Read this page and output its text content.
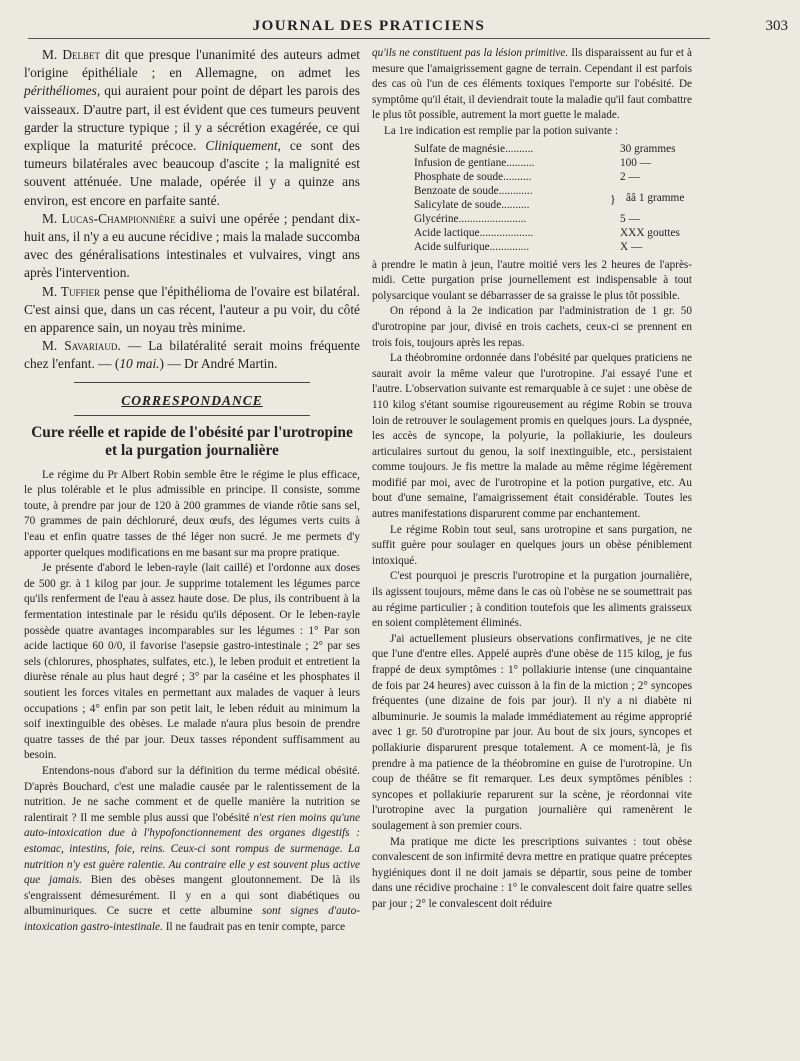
JOURNAL DES PRATICIENS	303

M. Delbet dit que presque l'unanimité des auteurs admet l'origine épithéliale ; en Allemagne, on admet les périthéliomes, qui auraient pour point de départ les parois des vaisseaux. D'autre part, il est évident que ces tumeurs peuvent garder la structure typique ; il y a sécrétion exagérée, ce qui explique la maturité précoce. Cliniquement, ce sont des tumeurs bilatérales avec beaucoup d'ascite ; la malignité est souvent atténuée. Une malade, opérée il y a quinze ans environ, est encore en parfaite santé.

M. Lucas-Championnière a suivi une opérée ; pendant dix-huit ans, il n'y a eu aucune récidive ; mais la malade succomba avec des généralisations intestinales et vulvaires, vingt ans après l'intervention.

M. Tuffier pense que l'épithélioma de l'ovaire est bilatéral. C'est ainsi que, dans un cas récent, l'auteur a pu voir, du côté en apparence sain, un noyau très minime.

M. Savariaud. — La bilatéralité serait moins fréquente chez l'enfant. — (10 mai.) — Dr André Martin.

CORRESPONDANCE
Cure réelle et rapide de l'obésité par l'urotropine et la purgation journalière

Le régime du Pr Albert Robin semble être le régime le plus efficace, le plus tolérable et le plus admissible en principe. Il consiste, somme toute, à prendre par jour de 120 à 200 grammes de viande rôtie sans sel, 70 grammes de pain déchloruré, deux œufs, des légumes verts cuits à l'eau et enfin quatre tasses de thé léger non sucré. Je me permets d'y apporter quelques modifications en me basant sur ma propre pratique.

Je présente d'abord le leben-rayle (lait caillé) et l'ordonne aux doses de 500 gr. à 1 kilog par jour. Je supprime totalement les légumes parce qu'ils renferment de l'eau à assez haute dose. De plus, ils contribuent à la fermentation intestinale par le résidu qu'ils déposent. Or le leben-rayle possède quatre avantages incomparables sur les légumes : 1° Par son acide lactique 60 0/0, il favorise l'asepsie gastro-intestinale ; 2° par ses sels (chlorures, phosphates, sulfates, etc.), le leben produit et entretient la diurèse rénale au plus haut degré ; 3° par la caséine et les phosphates il soutient les forces vitales en permettant aux malades de vaquer à leurs occupations ; 4° enfin par son petit lait, le leben réduit au minimum la soif inextinguible des obèses. Le malade n'aura plus besoin de prendre quatre tasses de thé par jour. Deux tasses répondent suffisamment au besoin.

Entendons-nous d'abord sur la définition du terme médical obésité. D'après Bouchard, c'est une maladie causée par le ralentissement de la nutrition. Je ne sache comment et de quelle manière la nutrition se ralentirait ? Il me semble plus aussi que l'obésité n'est rien moins qu'une auto-intoxication due à l'hypofonctionnement des organes digestifs : estomac, intestins, foie, reins. Ceux-ci sont rompus de surmenage. La nutrition n'y est guère ralentie. Au contraire elle y est souvent plus active que jamais. Bien des obèses mangent gloutonnement. De là ils s'engraissent démesurément. Il y en a qui sont diabétiques ou albuminuriques. Ce sucre et cette albumine sont signes d'auto-intoxication gastro-intestinale. Il ne faudrait pas en tenir compte, parce

qu'ils ne constituent pas la lésion primitive. Ils disparaissent au fur et à mesure que l'amaigrissement gagne de terrain. Cependant il est parfois des cas où l'un de ces éléments toxiques l'emporte sur l'obésité. De symptôme qu'il était, il deviendrait toute la maladie qu'il faut combattre le plus tôt possible, autrement la mort guette le malade.

La 1re indication est remplie par la potion suivante :

Sulfate de magnésie..........	30 grammes
Infusion de gentiane..........	100 —
Phosphate de soude..........	2 —
Benzoate de soude............
Salicylate de soude..........	} ââ 1 gramme
Glycérine........................	5 —
Acide lactique...................	XXX gouttes
Acide sulfurique..............	X —

à prendre le matin à jeun, l'autre moitié vers les 2 heures de l'après-midi. Cette purgation prise journellement est indispensable à tout polysarcique voulant se débarrasser de sa graisse le plus tôt possible.

On répond à la 2e indication par l'administration de 1 gr. 50 d'urotropine par jour, divisé en trois cachets, ceux-ci se prennent en trois fois, toujours après les repas.

La théobromine ordonnée dans l'obésité par quelques praticiens ne saurait avoir la même valeur que l'urotropine. J'ai essayé l'une et l'autre. L'observation suivante est remarquable à ce sujet : une obèse de 110 kilog s'étant soumise rigoureusement au régime Robin se trouva loin de retrouver le soulagement promis en quelques jours. La dyspnée, les accès de syncope, la polyurie, la pollakiurie, les douleurs articulaires surtout du genou, la soif inextinguible, etc., persistaient comme toujours. Je fis mettre la malade au même régime légèrement modifié par moi, avec de l'urotropine et la potion purgative, etc. Au bout d'une semaine, l'amaigrissement était considérable. Toutes les autres manifestations disparurent comme par enchantement.

Le régime Robin tout seul, sans urotropine et sans purgation, ne suffit guère pour soulager en quelques jours un obèse péniblement intoxiqué.

C'est pourquoi je prescris l'urotropine et la purgation journalière, ils agissent toujours, même dans le cas où l'obèse ne se soumettrait pas au régime particulier ; à condition toutefois que les aliments graisseux en soient complètement éliminés.

J'ai actuellement plusieurs observations confirmatives, je ne cite que l'une d'entre elles. Appelé auprès d'une obèse de 115 kilog, je fus frappé de deux symptômes : 1° pollakiurie intense (une cinquantaine de fois par 24 heures) avec cuisson à la fin de la miction ; 2° syncopes fréquentes (une dizaine de fois par jour). Il n'y a ni diabète ni albuminurie. Je soumis la malade immédiatement au régime approprié avec 1 gr. 50 d'urotropine par jour. Au bout de six jours, syncopes et pollakiurie disparurent presque totalement. A ce moment-là, je fis prendre à ma patience de la théobromine en guise de l'urotropine. Un coup de théâtre se fit remarquer. Les deux symptômes pénibles : syncopes et pollakiurie reparurent sur la scène, je réordonnai vite l'urotropine avec la purgation journalière qui ramenèrent le soulagement à son premier cours.

Ma pratique me dicte les prescriptions suivantes : tout obèse convalescent de son infirmité devra mettre en pratique quatre préceptes hygiéniques dont il ne doit jamais se départir, sous peine de tomber dans une récidive prochaine : 1° le convalescent doit faire quatre selles par jour ; 2° le convalescent doit réduire
